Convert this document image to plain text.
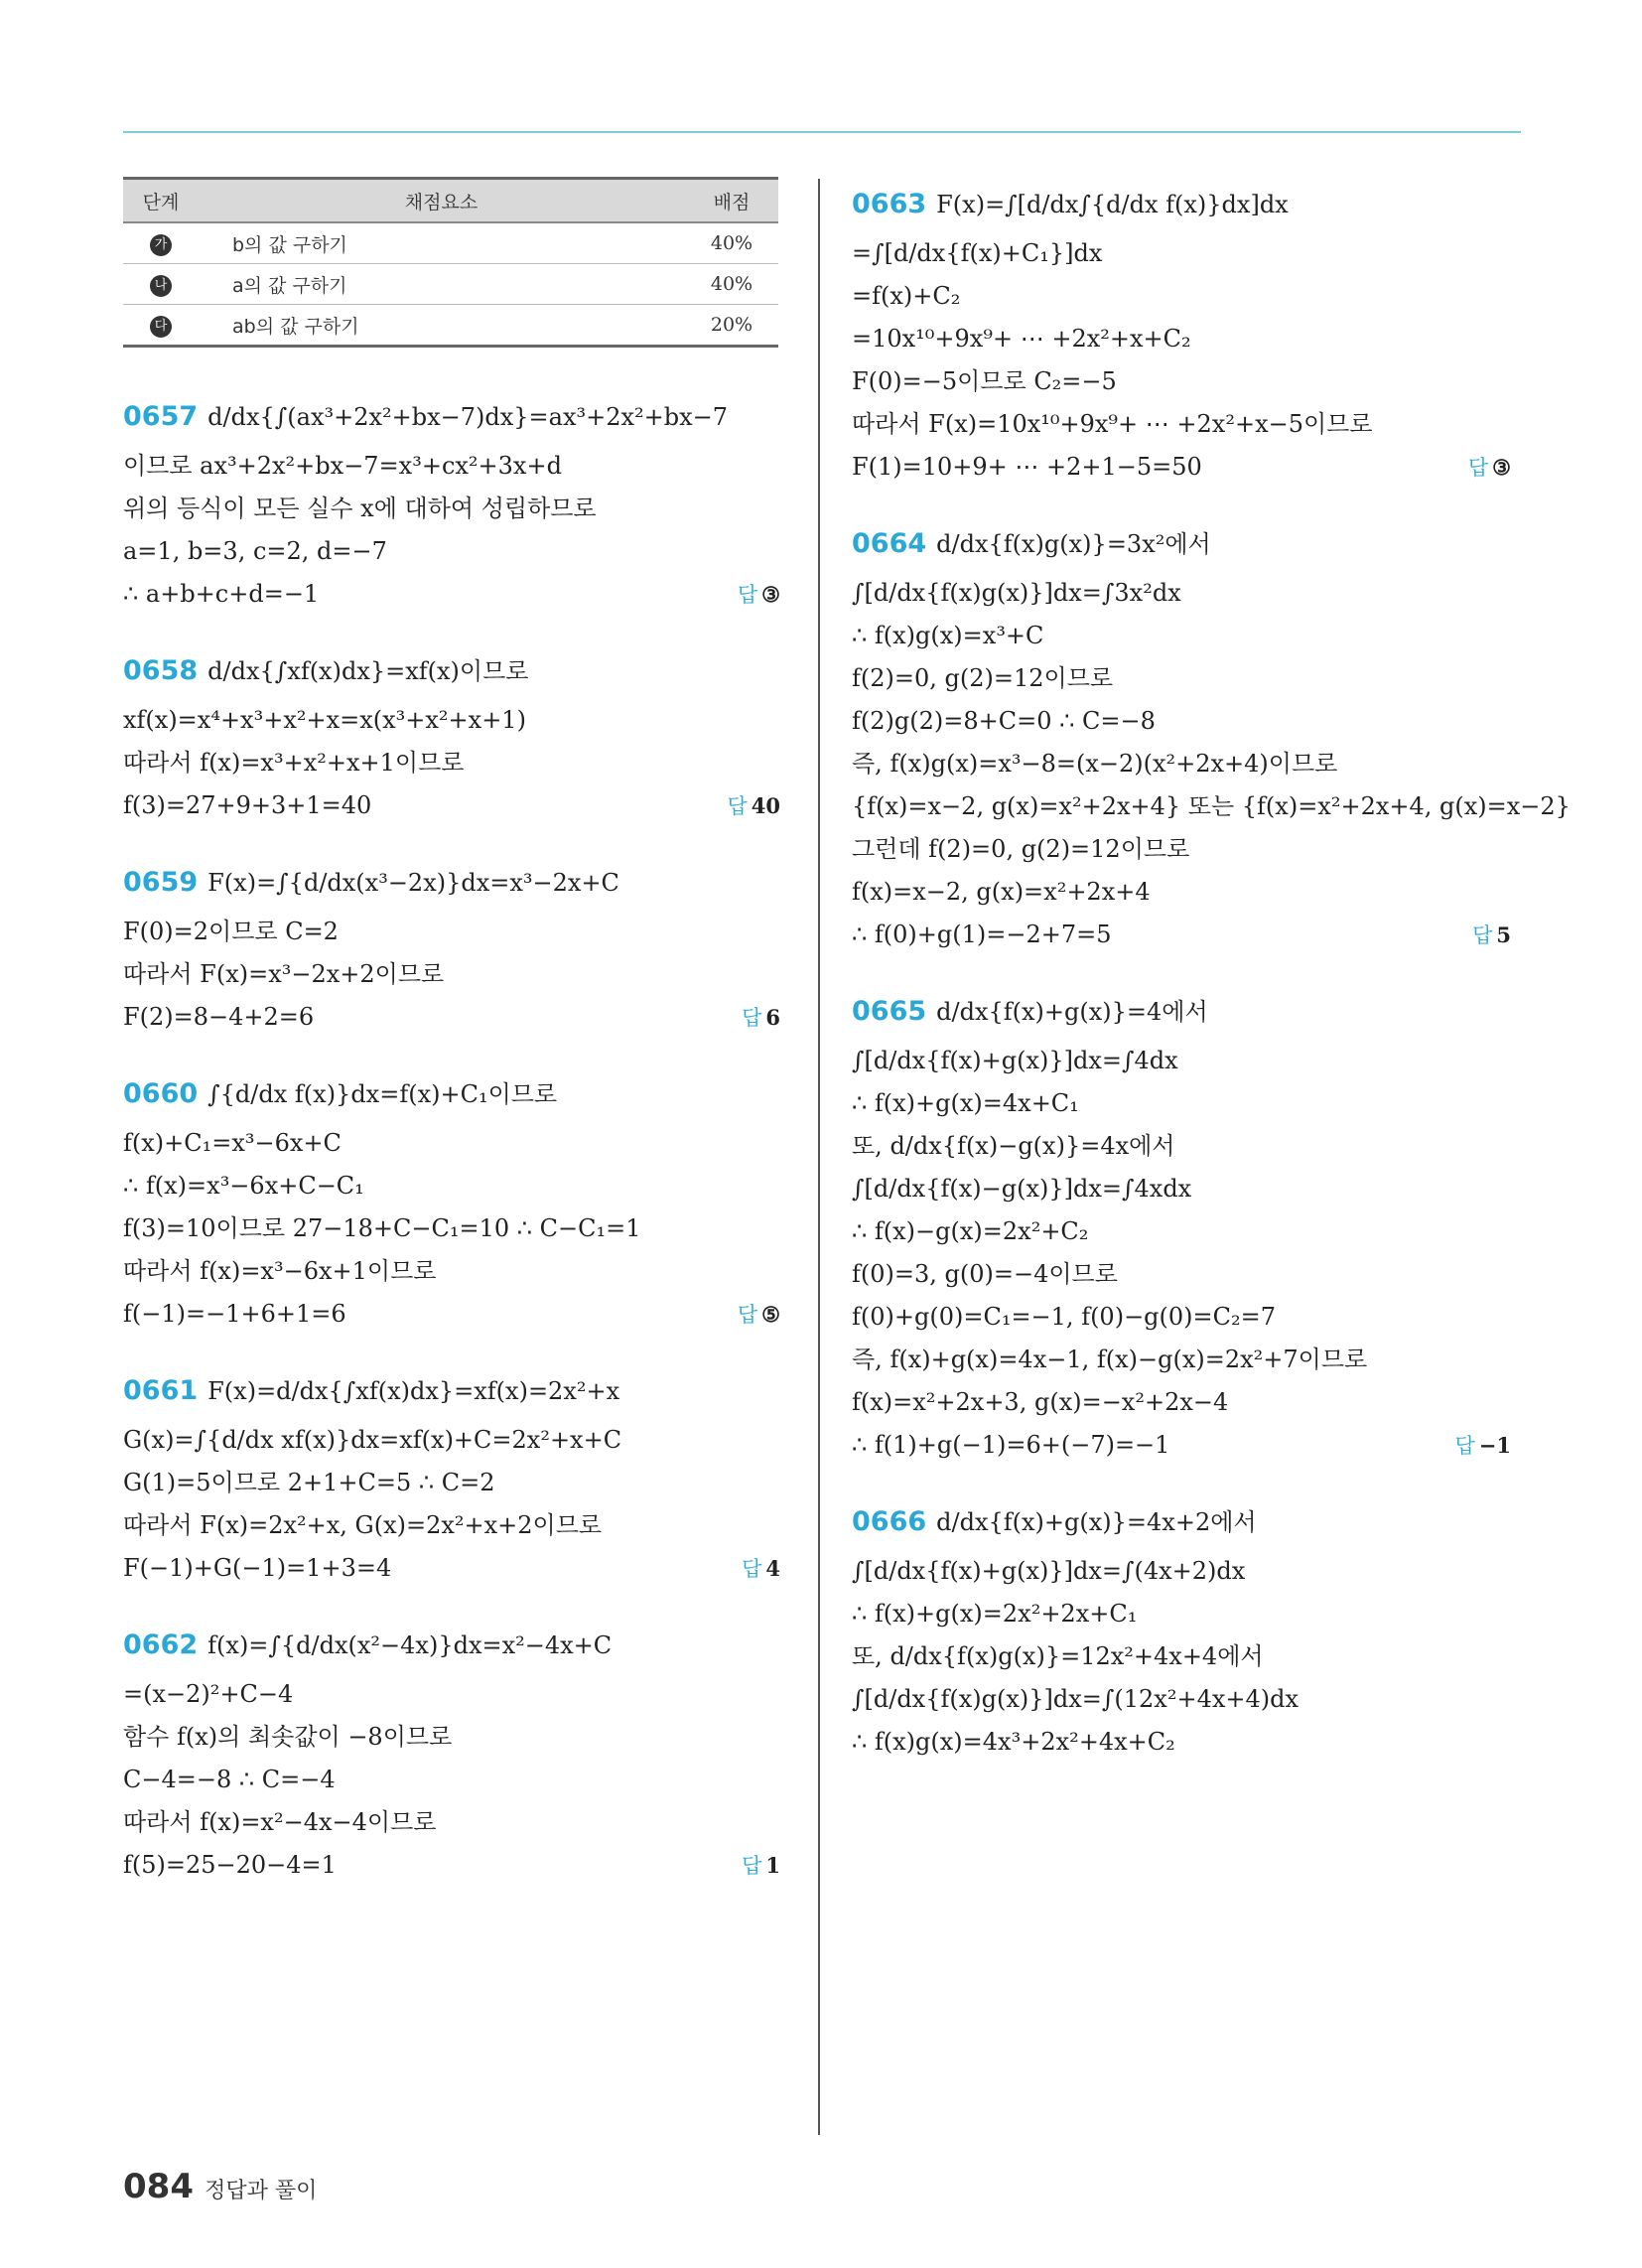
단계	채점요소	배점
가	b의 값 구하기	40%
나	a의 값 구하기	40%
다	ab의 값 구하기	20%
0657 d/dx{∫(ax³+2x²+bx−7)dx}=ax³+2x²+bx−7
이므로 ax³+2x²+bx−7=x³+cx²+3x+d
위의 등식이 모든 실수 x에 대하여 성립하므로
a=1, b=3, c=2, d=−7
∴ a+b+c+d=−1	답 ③
0658 d/dx{∫xf(x)dx}=xf(x)이므로
xf(x)=x⁴+x³+x²+x=x(x³+x²+x+1)
따라서 f(x)=x³+x²+x+1이므로
f(3)=27+9+3+1=40	답 40
0659 F(x)=∫{d/dx(x³−2x)}dx=x³−2x+C
F(0)=2이므로 C=2
따라서 F(x)=x³−2x+2이므로
F(2)=8−4+2=6	답 6
0660 ∫{d/dx f(x)}dx=f(x)+C₁이므로
f(x)+C₁=x³−6x+C
∴ f(x)=x³−6x+C−C₁
f(3)=10이므로 27−18+C−C₁=10 ∴ C−C₁=1
따라서 f(x)=x³−6x+1이므로
f(−1)=−1+6+1=6	답 ⑤
0661 F(x)=d/dx{∫xf(x)dx}=xf(x)=2x²+x
G(x)=∫{d/dx xf(x)}dx=xf(x)+C=2x²+x+C
G(1)=5이므로 2+1+C=5 ∴ C=2
따라서 F(x)=2x²+x, G(x)=2x²+x+2이므로
F(−1)+G(−1)=1+3=4	답 4
0662 f(x)=∫{d/dx(x²−4x)}dx=x²−4x+C
=(x−2)²+C−4
함수 f(x)의 최솟값이 −8이므로
C−4=−8 ∴ C=−4
따라서 f(x)=x²−4x−4이므로
f(5)=25−20−4=1	답 1
0663 F(x)=∫[d/dx∫{d/dx f(x)}dx]dx
=∫[d/dx{f(x)+C₁}]dx
=f(x)+C₂
=10x¹⁰+9x⁹+ ⋯ +2x²+x+C₂
F(0)=−5이므로 C₂=−5
따라서 F(x)=10x¹⁰+9x⁹+ ⋯ +2x²+x−5이므로
F(1)=10+9+ ⋯ +2+1−5=50	답 ③
0664 d/dx{f(x)g(x)}=3x²에서
∫[d/dx{f(x)g(x)}]dx=∫3x²dx
∴ f(x)g(x)=x³+C
f(2)=0, g(2)=12이므로
f(2)g(2)=8+C=0 ∴ C=−8
즉, f(x)g(x)=x³−8=(x−2)(x²+2x+4)이므로
{f(x)=x−2, g(x)=x²+2x+4} 또는 {f(x)=x²+2x+4, g(x)=x−2}
그런데 f(2)=0, g(2)=12이므로
f(x)=x−2, g(x)=x²+2x+4
∴ f(0)+g(1)=−2+7=5	답 5
0665 d/dx{f(x)+g(x)}=4에서
∫[d/dx{f(x)+g(x)}]dx=∫4dx
∴ f(x)+g(x)=4x+C₁
또, d/dx{f(x)−g(x)}=4x에서
∫[d/dx{f(x)−g(x)}]dx=∫4xdx
∴ f(x)−g(x)=2x²+C₂
f(0)=3, g(0)=−4이므로
f(0)+g(0)=C₁=−1, f(0)−g(0)=C₂=7
즉, f(x)+g(x)=4x−1, f(x)−g(x)=2x²+7이므로
f(x)=x²+2x+3, g(x)=−x²+2x−4
∴ f(1)+g(−1)=6+(−7)=−1	답 −1
0666 d/dx{f(x)+g(x)}=4x+2에서
∫[d/dx{f(x)+g(x)}]dx=∫(4x+2)dx
∴ f(x)+g(x)=2x²+2x+C₁
또, d/dx{f(x)g(x)}=12x²+4x+4에서
∫[d/dx{f(x)g(x)}]dx=∫(12x²+4x+4)dx
∴ f(x)g(x)=4x³+2x²+4x+C₂
084 정답과 풀이
